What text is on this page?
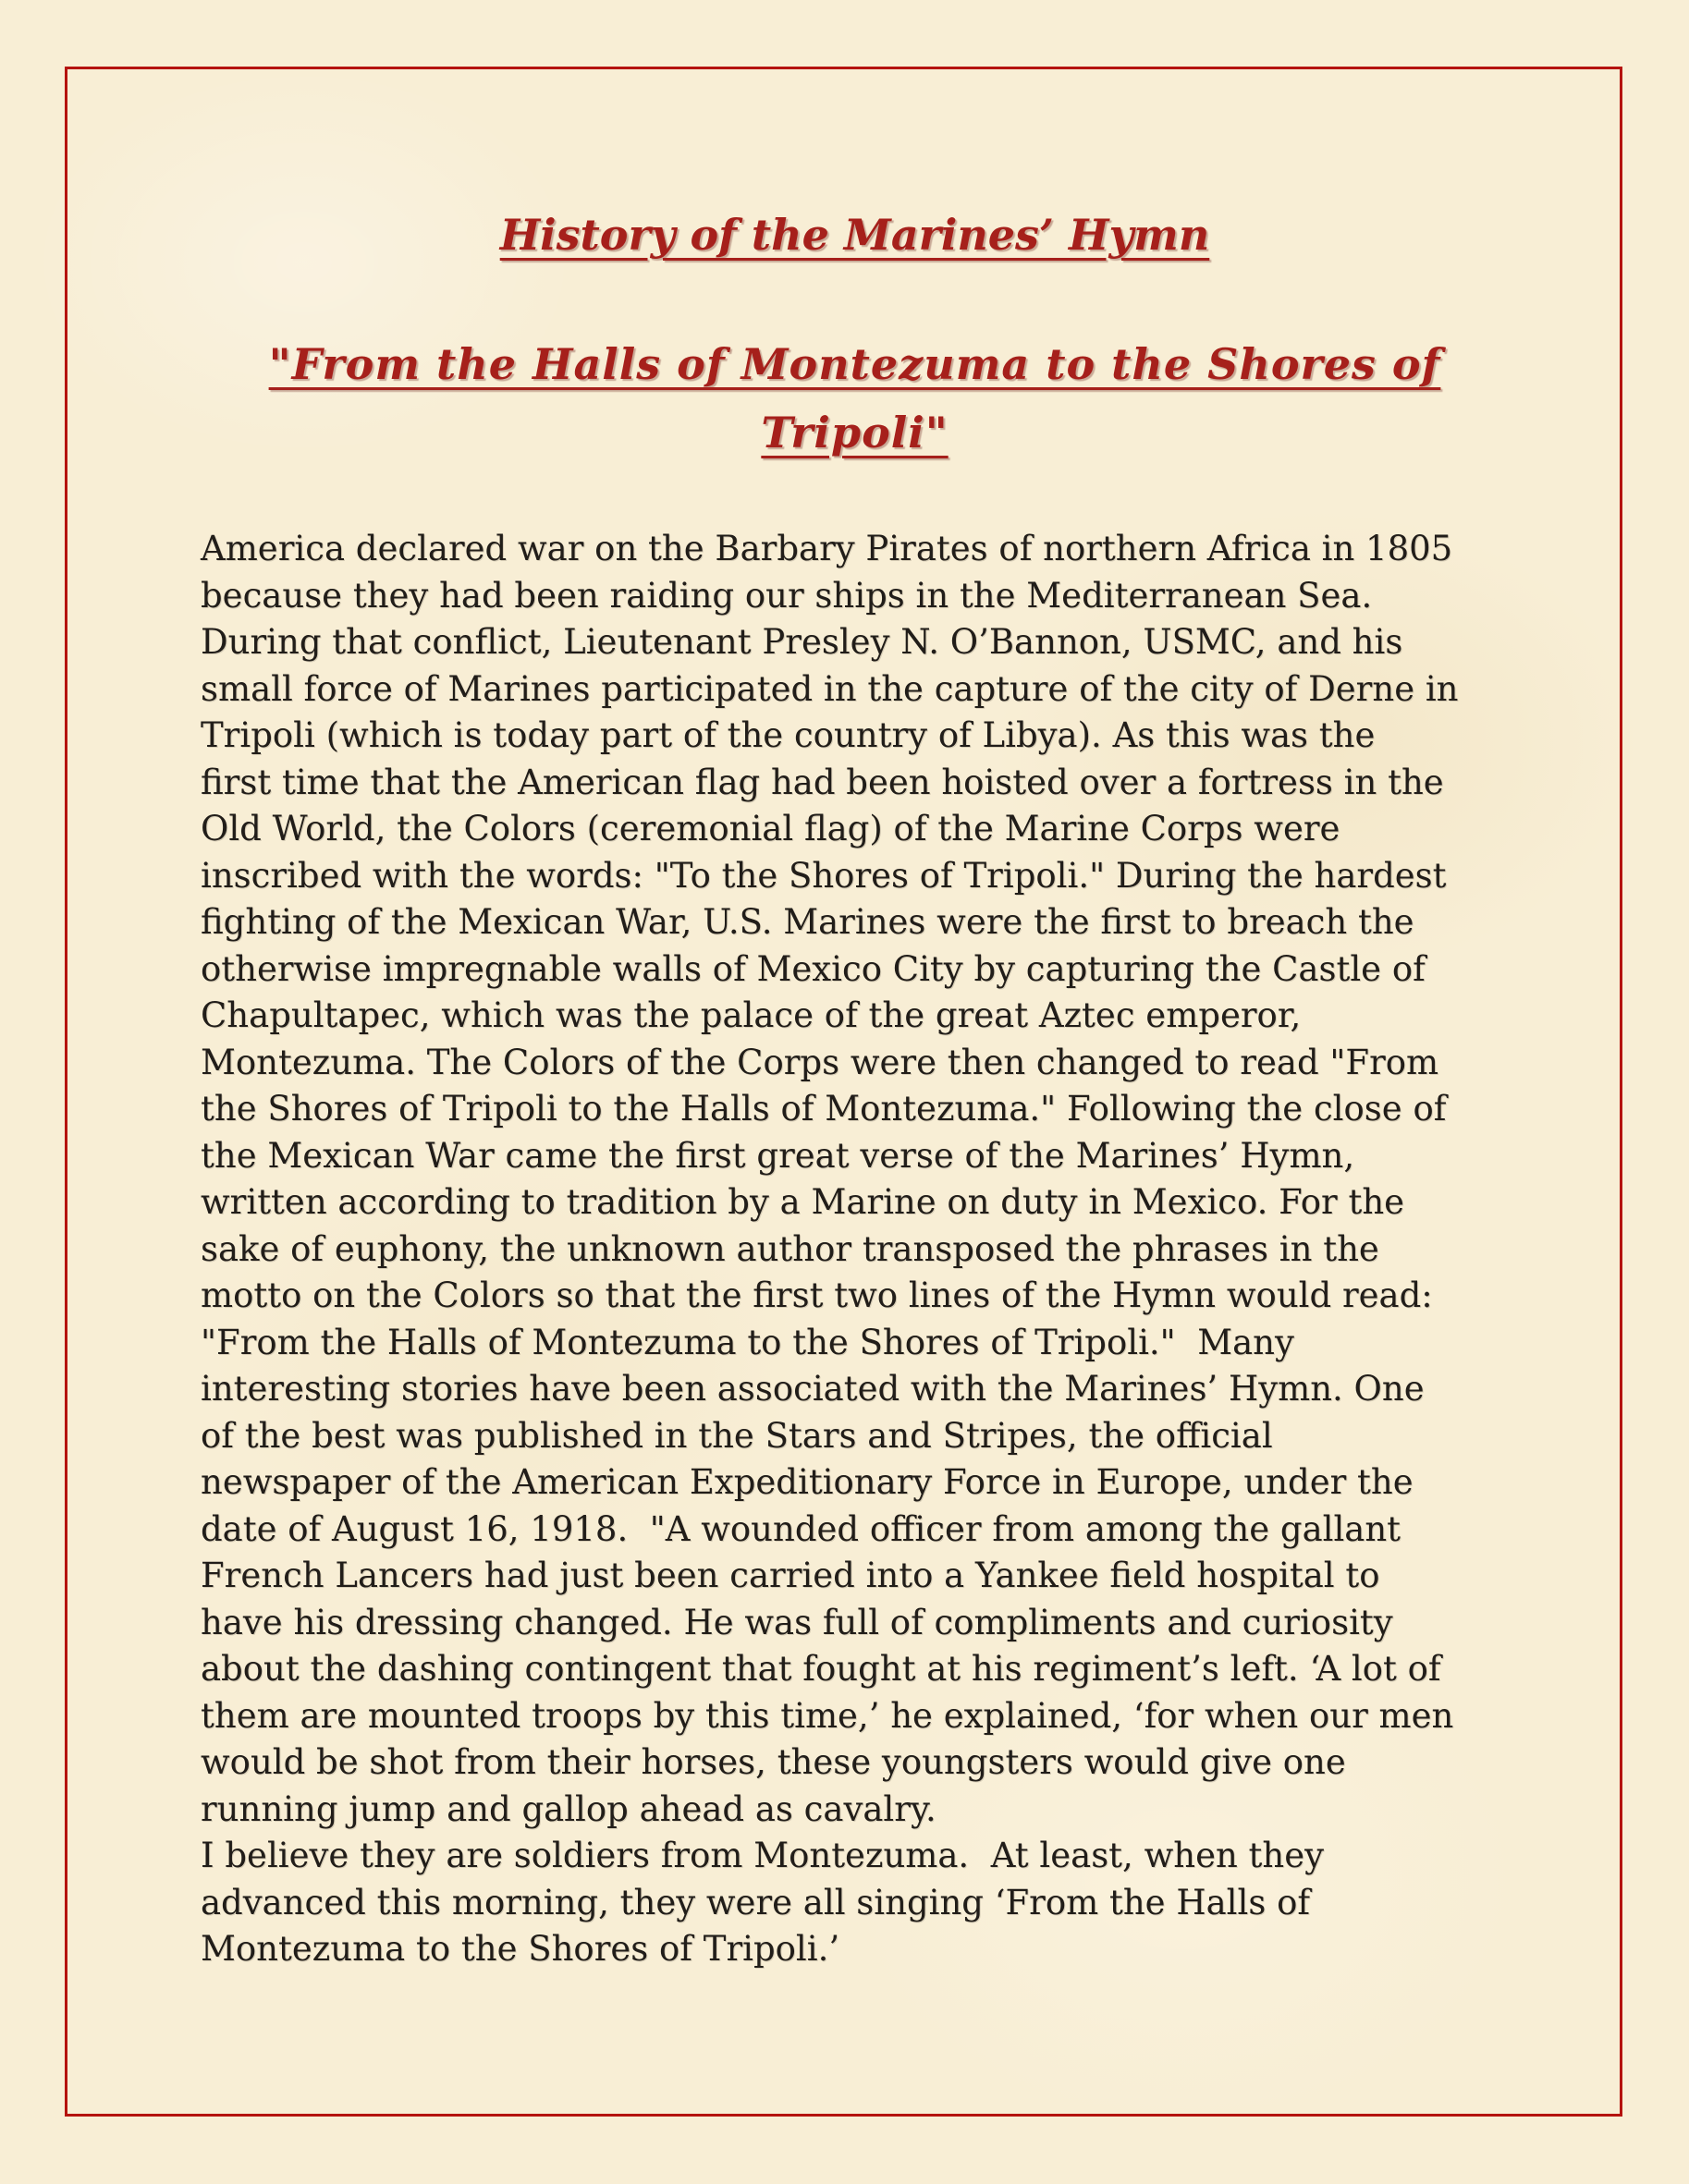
History of the Marines’ Hymn
"From the Halls of Montezuma to the Shores of
Tripoli"
America declared war on the Barbary Pirates of northern Africa in 1805
because they had been raiding our ships in the Mediterranean Sea.
During that conflict, Lieutenant Presley N. O’Bannon, USMC, and his
small force of Marines participated in the capture of the city of Derne in
Tripoli (which is today part of the country of Libya). As this was the
first time that the American flag had been hoisted over a fortress in the
Old World, the Colors (ceremonial flag) of the Marine Corps were
inscribed with the words: "To the Shores of Tripoli." During the hardest
fighting of the Mexican War, U.S. Marines were the first to breach the
otherwise impregnable walls of Mexico City by capturing the Castle of
Chapultapec, which was the palace of the great Aztec emperor,
Montezuma. The Colors of the Corps were then changed to read "From
the Shores of Tripoli to the Halls of Montezuma." Following the close of
the Mexican War came the first great verse of the Marines’ Hymn,
written according to tradition by a Marine on duty in Mexico. For the
sake of euphony, the unknown author transposed the phrases in the
motto on the Colors so that the first two lines of the Hymn would read:
"From the Halls of Montezuma to the Shores of Tripoli."  Many
interesting stories have been associated with the Marines’ Hymn. One
of the best was published in the Stars and Stripes, the official
newspaper of the American Expeditionary Force in Europe, under the
date of August 16, 1918.  "A wounded officer from among the gallant
French Lancers had just been carried into a Yankee field hospital to
have his dressing changed. He was full of compliments and curiosity
about the dashing contingent that fought at his regiment’s left. ‘A lot of
them are mounted troops by this time,’ he explained, ‘for when our men
would be shot from their horses, these youngsters would give one
running jump and gallop ahead as cavalry.
I believe they are soldiers from Montezuma.  At least, when they
advanced this morning, they were all singing ‘From the Halls of
Montezuma to the Shores of Tripoli.’
